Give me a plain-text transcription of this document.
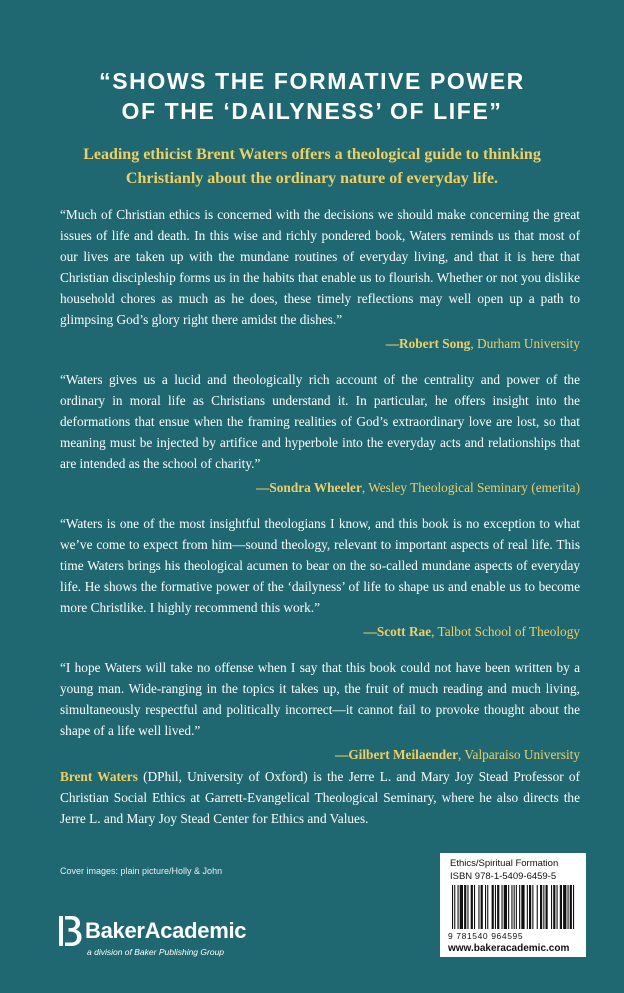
“SHOWS THE FORMATIVE POWER
OF THE ‘DAILYNESS’ OF LIFE”
Leading ethicist Brent Waters offers a theological guide to thinking
Christianly about the ordinary nature of everyday life.
“Much of Christian ethics is concerned with the decisions we should make concerning the great issues of life and death. In this wise and richly pondered book, Waters reminds us that most of our lives are taken up with the mundane routines of everyday living, and that it is here that Christian discipleship forms us in the habits that enable us to flourish. Whether or not you dislike household chores as much as he does, these timely reflections may well open up a path to glimpsing God’s glory right there amidst the dishes.”
—Robert Song, Durham University
“Waters gives us a lucid and theologically rich account of the centrality and power of the ordinary in moral life as Christians understand it. In particular, he offers insight into the deformations that ensue when the framing realities of God’s extraordinary love are lost, so that meaning must be injected by artifice and hyperbole into the everyday acts and relationships that are intended as the school of charity.”
—Sondra Wheeler, Wesley Theological Seminary (emerita)
“Waters is one of the most insightful theologians I know, and this book is no exception to what we’ve come to expect from him—sound theology, relevant to important aspects of real life. This time Waters brings his theological acumen to bear on the so-called mundane aspects of everyday life. He shows the formative power of the ‘dailyness’ of life to shape us and enable us to become more Christlike. I highly recommend this work.”
—Scott Rae, Talbot School of Theology
“I hope Waters will take no offense when I say that this book could not have been written by a young man. Wide-ranging in the topics it takes up, the fruit of much reading and much living, simultaneously respectful and politically incorrect—it cannot fail to provoke thought about the shape of a life well lived.”
—Gilbert Meilaender, Valparaiso University
Brent Waters (DPhil, University of Oxford) is the Jerre L. and Mary Joy Stead Professor of Christian Social Ethics at Garrett-Evangelical Theological Seminary, where he also directs the Jerre L. and Mary Joy Stead Center for Ethics and Values.
Cover images: plain picture/Holly & John
BakerAcademic
a division of Baker Publishing Group
Ethics/Spiritual Formation
ISBN 978-1-5409-6459-5
9 781540 964595
www.bakeracademic.com
